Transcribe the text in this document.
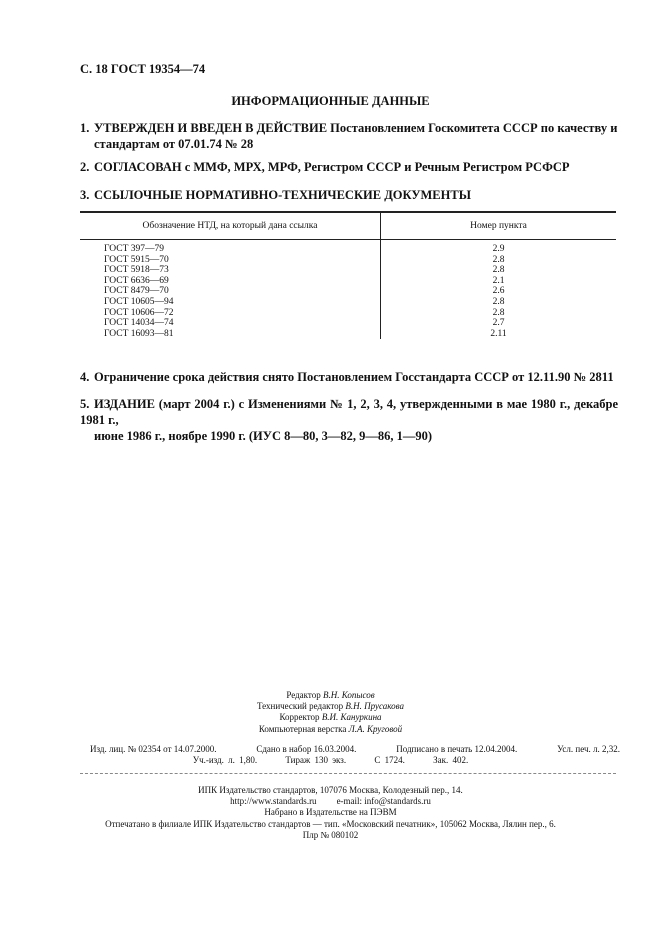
С. 18 ГОСТ 19354—74
ИНФОРМАЦИОННЫЕ ДАННЫЕ
1. УТВЕРЖДЕН И ВВЕДЕН В ДЕЙСТВИЕ Постановлением Госкомитета СССР по качеству и
стандартам от 07.01.74 № 28
2. СОГЛАСОВАН с ММФ, МРХ, МРФ, Регистром СССР и Речным Регистром РСФСР
3. ССЫЛОЧНЫЕ НОРМАТИВНО-ТЕХНИЧЕСКИЕ ДОКУМЕНТЫ
Обозначение НТД, на который дана ссылка	Номер пункта
ГОСТ 397—79	2.9
ГОСТ 5915—70	2.8
ГОСТ 5918—73	2.8
ГОСТ 6636—69	2.1
ГОСТ 8479—70	2.6
ГОСТ 10605—94	2.8
ГОСТ 10606—72	2.8
ГОСТ 14034—74	2.7
ГОСТ 16093—81	2.11
4. Ограничение срока действия снято Постановлением Госстандарта СССР от 12.11.90 № 2811
5. ИЗДАНИЕ (март 2004 г.) с Изменениями № 1, 2, 3, 4, утвержденными в мае 1980 г., декабре 1981 г.,
июне 1986 г., ноябре 1990 г. (ИУС 8—80, 3—82, 9—86, 1—90)
Редактор В.Н. Копысов
Технический редактор В.Н. Прусакова
Корректор В.И. Кануркина
Компьютерная верстка Л.А. Круговой
Изд. лиц. № 02354 от 14.07.2000.	Сдано в набор 16.03.2004.	Подписано в печать 12.04.2004.	Усл. печ. л. 2,32.
Уч.-изд. л. 1,80.	Тираж 130 экз.	С 1724.	Зак. 402.
ИПК Издательство стандартов, 107076 Москва, Колодезный пер., 14.
http://www.standards.ru e-mail: info@standards.ru
Набрано в Издательстве на ПЭВМ
Отпечатано в филиале ИПК Издательство стандартов — тип. «Московский печатник», 105062 Москва, Лялин пер., 6.
Плр № 080102
